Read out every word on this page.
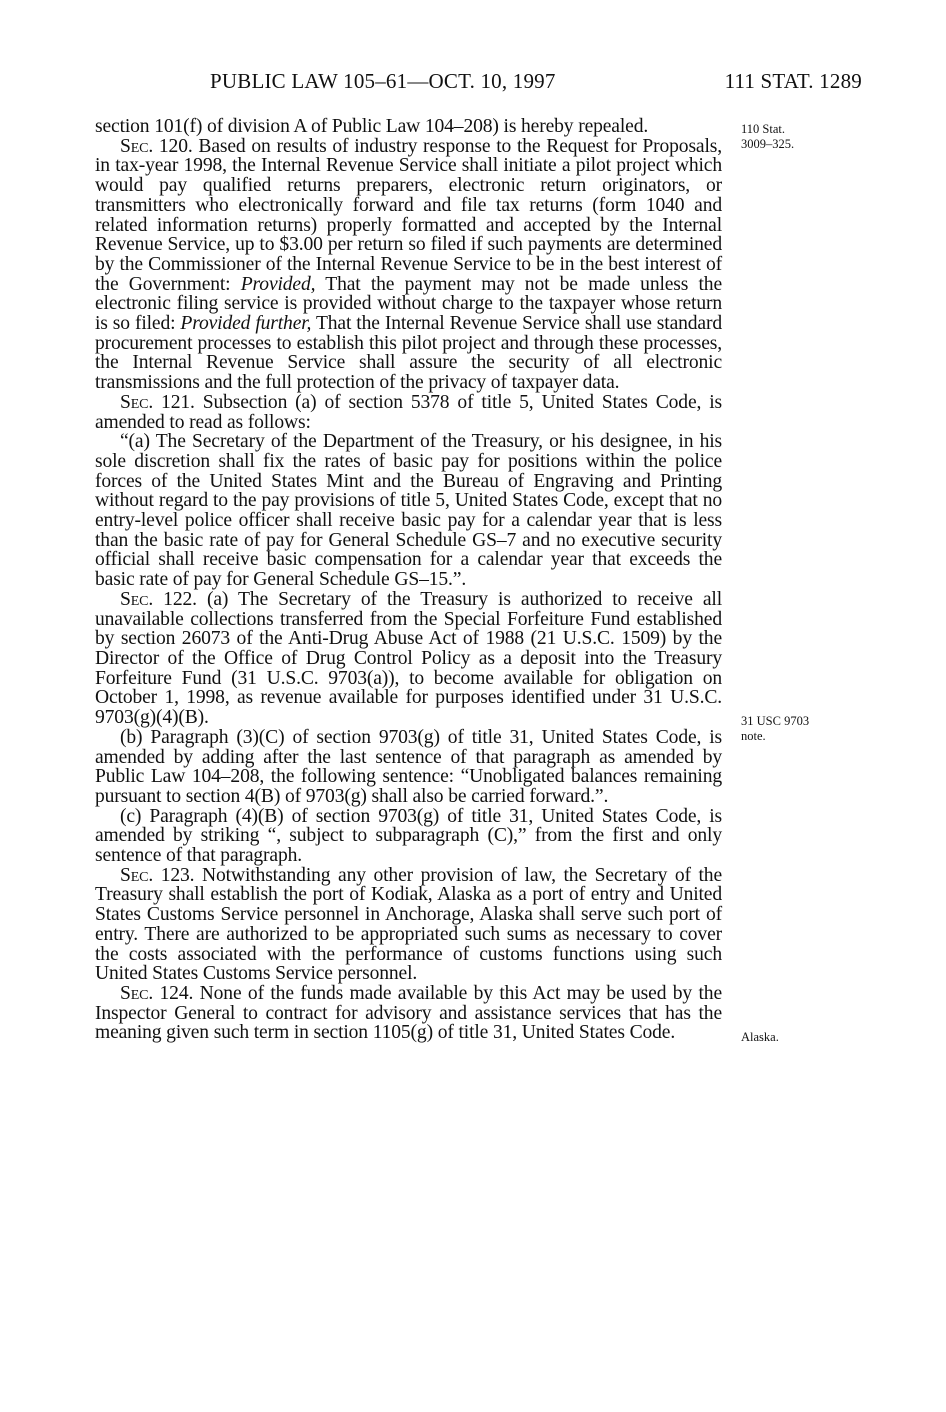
PUBLIC LAW 105–61—OCT. 10, 1997	111 STAT. 1289
110 Stat.
3009–325.
31 USC 9703
note.
Alaska.

section 101(f) of division A of Public Law 104–208) is hereby repealed.

Sec. 120. Based on results of industry response to the Request for Proposals, in tax-year 1998, the Internal Revenue Service shall initiate a pilot project which would pay qualified returns preparers, electronic return originators, or transmitters who electronically forward and file tax returns (form 1040 and related information returns) properly formatted and accepted by the Internal Revenue Service, up to $3.00 per return so filed if such payments are determined by the Commissioner of the Internal Revenue Service to be in the best interest of the Government: Provided, That the payment may not be made unless the electronic filing service is provided without charge to the taxpayer whose return is so filed: Provided further, That the Internal Revenue Service shall use standard procurement processes to establish this pilot project and through these processes, the Internal Revenue Service shall assure the security of all electronic transmissions and the full protection of the privacy of taxpayer data.

Sec. 121. Subsection (a) of section 5378 of title 5, United States Code, is amended to read as follows:

“(a) The Secretary of the Department of the Treasury, or his designee, in his sole discretion shall fix the rates of basic pay for positions within the police forces of the United States Mint and the Bureau of Engraving and Printing without regard to the pay provisions of title 5, United States Code, except that no entry-level police officer shall receive basic pay for a calendar year that is less than the basic rate of pay for General Schedule GS–7 and no executive security official shall receive basic compensation for a calendar year that exceeds the basic rate of pay for General Schedule GS–15.”.

Sec. 122. (a) The Secretary of the Treasury is authorized to receive all unavailable collections transferred from the Special Forfeiture Fund established by section 26073 of the Anti-Drug Abuse Act of 1988 (21 U.S.C. 1509) by the Director of the Office of Drug Control Policy as a deposit into the Treasury Forfeiture Fund (31 U.S.C. 9703(a)), to become available for obligation on October 1, 1998, as revenue available for purposes identified under 31 U.S.C. 9703(g)(4)(B).

(b) Paragraph (3)(C) of section 9703(g) of title 31, United States Code, is amended by adding after the last sentence of that paragraph as amended by Public Law 104–208, the following sentence: “Unobligated balances remaining pursuant to section 4(B) of 9703(g) shall also be carried forward.”.

(c) Paragraph (4)(B) of section 9703(g) of title 31, United States Code, is amended by striking “, subject to subparagraph (C),” from the first and only sentence of that paragraph.

Sec. 123. Notwithstanding any other provision of law, the Secretary of the Treasury shall establish the port of Kodiak, Alaska as a port of entry and United States Customs Service personnel in Anchorage, Alaska shall serve such port of entry. There are authorized to be appropriated such sums as necessary to cover the costs associated with the performance of customs functions using such United States Customs Service personnel.

Sec. 124. None of the funds made available by this Act may be used by the Inspector General to contract for advisory and assistance services that has the meaning given such term in section 1105(g) of title 31, United States Code.
